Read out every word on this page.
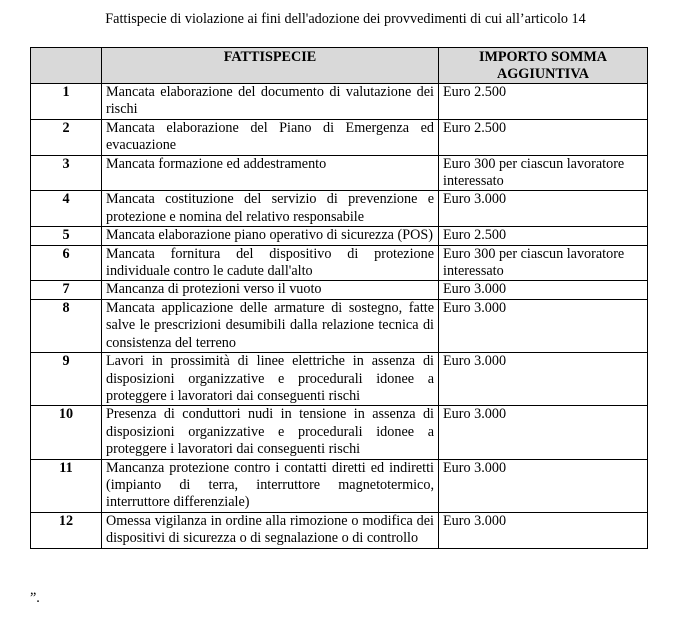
Fattispecie di violazione ai fini dell'adozione dei provvedimenti di cui all’articolo 14
	FATTISPECIE	IMPORTO SOMMA AGGIUNTIVA
1	Mancata elaborazione del documento di valutazione dei rischi	Euro 2.500
2	Mancata elaborazione del Piano di Emergenza ed evacuazione	Euro 2.500
3	Mancata formazione ed addestramento	Euro 300 per ciascun lavoratore interessato
4	Mancata costituzione del servizio di prevenzione e protezione e nomina del relativo responsabile	Euro 3.000
5	Mancata elaborazione piano operativo di sicurezza (POS)	Euro 2.500
6	Mancata fornitura del dispositivo di protezione individuale contro le cadute dall'alto	Euro 300 per ciascun lavoratore interessato
7	Mancanza di protezioni verso il vuoto	Euro 3.000
8	Mancata applicazione delle armature di sostegno, fatte salve le prescrizioni desumibili dalla relazione tecnica di consistenza del terreno	Euro 3.000
9	Lavori in prossimità di linee elettriche in assenza di disposizioni organizzative e procedurali idonee a proteggere i lavoratori dai conseguenti rischi	Euro 3.000
10	Presenza di conduttori nudi in tensione in assenza di disposizioni organizzative e procedurali idonee a proteggere i lavoratori dai conseguenti rischi	Euro 3.000
11	Mancanza protezione contro i contatti diretti ed indiretti (impianto di terra, interruttore magnetotermico, interruttore differenziale)	Euro 3.000
12	Omessa vigilanza in ordine alla rimozione o modifica dei dispositivi di sicurezza o di segnalazione o di controllo	Euro 3.000
”.
